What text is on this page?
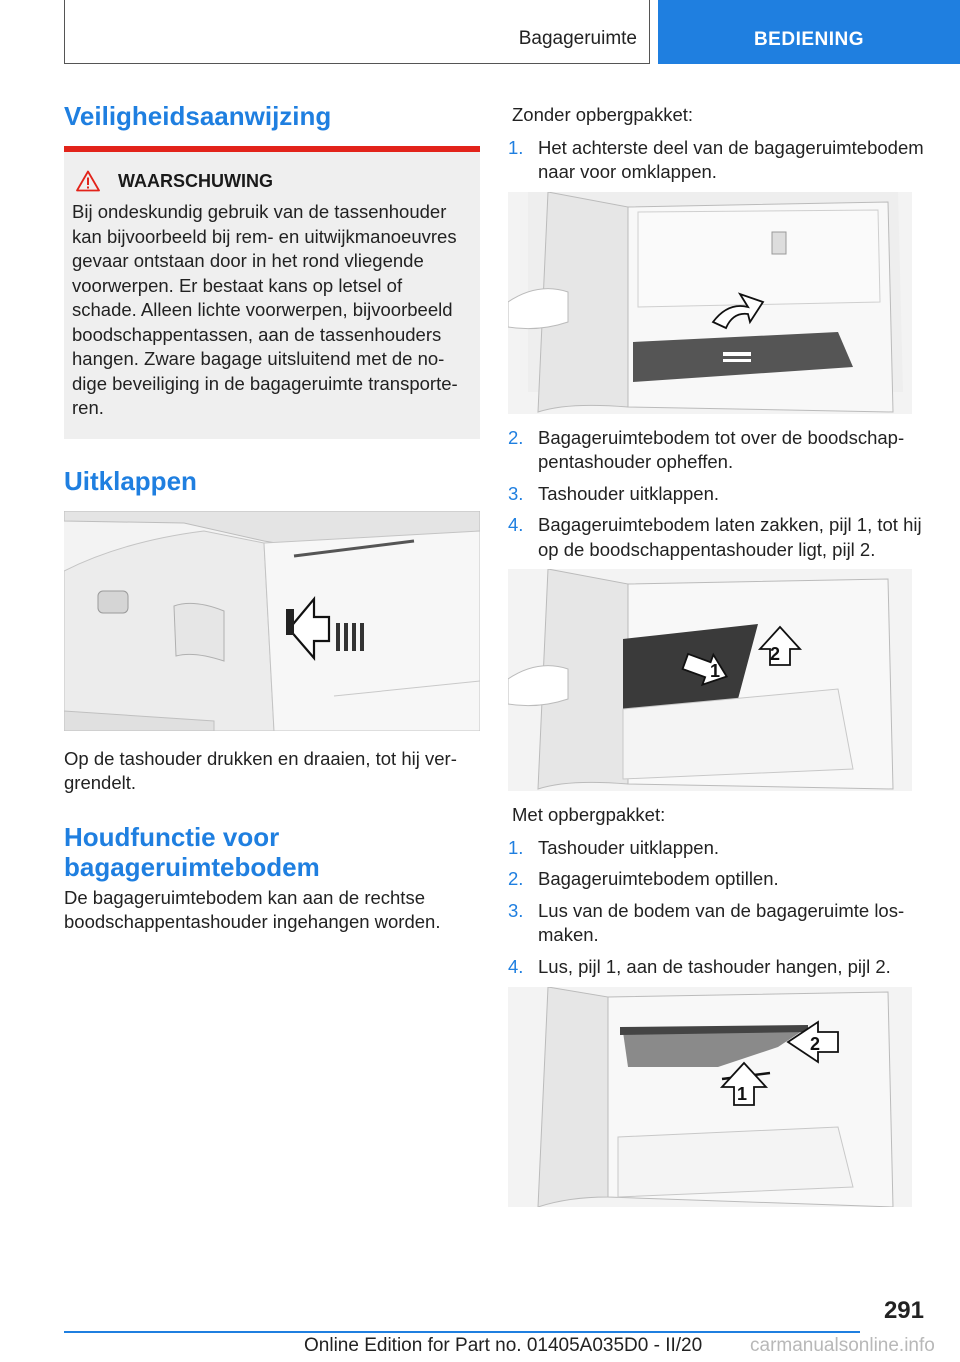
Bagageruimte	BEDIENING
Veiligheidsaanwijzing
WAARSCHUWING

Bij ondeskundig gebruik van de tassenhouder kan bijvoorbeeld bij rem- en uitwijkmanoeuvres gevaar ontstaan door in het rond vliegende voorwerpen. Er bestaat kans op letsel of schade. Alleen lichte voorwerpen, bijvoorbeeld boodschappentassen, aan de tassenhouders hangen. Zware bagage uitsluitend met de nodige beveiliging in de bagageruimte transporteren.

Uitklappen

Op de tashouder drukken en draaien, tot hij vergrendelt.

Houdfunctie voor bagageruimtebodem

De bagageruimtebodem kan aan de rechtse boodschappentashouder ingehangen worden.

Zonder opbergpakket:

1. Het achterste deel van de bagageruimtebodem naar voor omklappen.
2. Bagageruimtebodem tot over de boodschappentashouder opheffen.
3. Tashouder uitklappen.
4. Bagageruimtebodem laten zakken, pijl 1, tot hij op de boodschappentashouder ligt, pijl 2.
1
2

Met opbergpakket:

1. Tashouder uitklappen.
2. Bagageruimtebodem optillen.
3. Lus van de bodem van de bagageruimte losmaken.
4. Lus, pijl 1, aan de tashouder hangen, pijl 2.
1
2
291
Online Edition for Part no. 01405A035D0 - II/20	carmanualsonline.info
